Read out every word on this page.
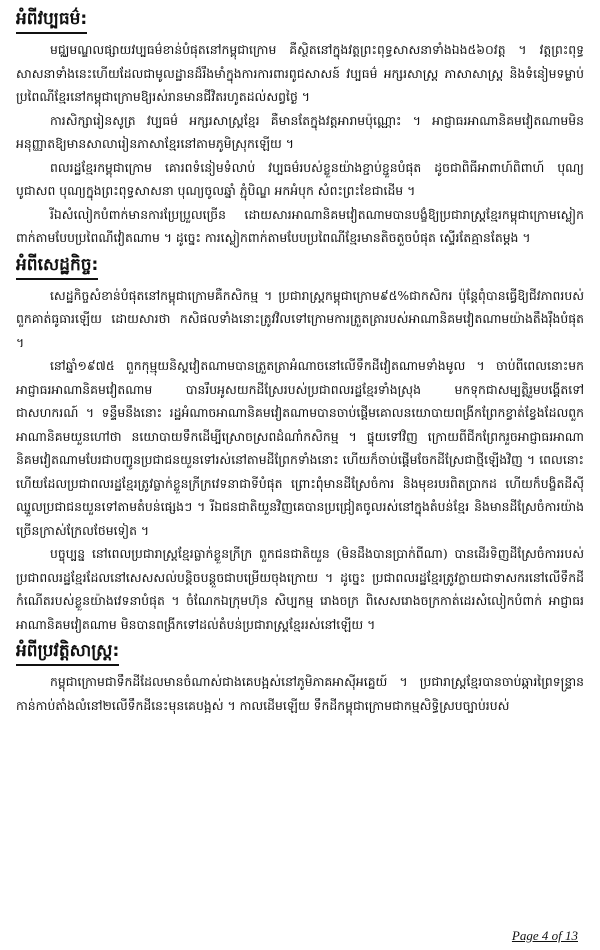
អំពីវប្បធម៌:

មជ្ឈមណ្ឌលផ្សាយវប្បធម៌ខាន់បំផុតនៅកម្ពុជាក្រោម គឺស្ថិតនៅក្នុងវត្តព្រះពុទ្ធសាសនាទាំងឯង៥៦០វត្ត ។ វត្តព្រះពុទ្ធសាសនាទាំងនេះហើយដែលជាមូលដ្ឋានដ៏រឹងមាំក្នុងការការពារពូជសាសន៍ វប្បធម៌ អក្សរសាស្ត្រ ភាសាសាស្ត្រ និងទំនៀមទម្លាប់ ប្រពៃណីខ្មែរនៅកម្ពុជាក្រោមឱ្យរស់រានមានជីវិតរហូតដល់សព្វថ្ងៃ ។

ការសិក្សារៀនសូត្រ វប្បធម៌ អក្សរសាស្ត្រខ្មែរ គឺមានតែក្នុងវត្តអារាមប៉ុណ្ណោះ ។ អាជ្ញាធរអាណានិគមវៀតណាមមិនអនុញ្ញាតឱ្យមានសាលារៀនភាសាខ្មែរនៅតាមភូមិស្រុកឡើយ ។

ពលរដ្ឋខ្មែរកម្ពុជាក្រោម គោរពទំនៀមទំលាប់ វប្បធម៌របស់ខ្លួនយ៉ាងខ្ជាប់ខ្ជួនបំផុត ដូចជាពិធីអាពាហ៍ពិពាហ៍ បុណ្យបូជាសព បុណ្យក្នុងព្រះពុទ្ធសាសនា បុណ្យចូលឆ្នាំ ភ្ជុំបិណ្ឌ អកអំបុក សំពះព្រះខែជាដើម ។

រីឯសំលៀកបំពាក់មានការប្រែប្រួលច្រើន ដោយសារអាណានិគមវៀតណាមបានបង្ខំឱ្យប្រជារាស្ត្រខ្មែរកម្ពុជាក្រោមស្លៀកពាក់តាមបែបប្រពៃណីវៀតណាម ។ ដូច្នេះ ការស្លៀកពាក់តាមបែបប្រពៃណីខ្មែរមានតិចតួចបំផុត ស្ទើរតែគ្មានតែម្តង ។

អំពីសេដ្ឋកិច្ច:

សេដ្ឋកិច្ចសំខាន់បំផុតនៅកម្ពុជាក្រោមគឺកសិកម្ម ។ ប្រជារាស្ត្រកម្ពុជាក្រោម៩៥%ជាកសិករ ប៉ុន្តែពុំបានធ្វើឱ្យជីវភាពរបស់ពួកគាត់ធូធារឡើយ ដោយសារថា កសិផលទាំងនោះត្រូវវិលទៅក្រោមការត្រួតត្រារបស់អាណានិគមវៀតណាមយ៉ាងតឹងរ៉ឹងបំផុត ។

នៅឆ្នាំ១៩៧៥ ពួកកុម្មុយនិស្តវៀតណាមបានត្រួតត្រាអំណាចនៅលើទឹកដីវៀតណាមទាំងមូល ។ ចាប់ពីពេលនោះមក អាជ្ញាធរអាណានិគមវៀតណាម បានរឹបអូសយកដីស្រែរបស់ប្រជាពលរដ្ឋខ្មែរទាំងស្រុង មកទុកជាសម្បត្តិរួមបង្គើតទៅជាសហករណ៍ ។ ទន្ទឹមនឹងនោះ រដ្ឋអំណាចអាណានិគមវៀតណាមបានចាប់ផ្តើមគោលនយោបាយពង្រីកព្រែកខ្វាត់ខ្វែងដែលពួកអាណានិគមយួនហៅថា នយោបាយទឹកដើម្បីស្រោចស្រពដំណាំកសិកម្ម ។ ផ្ទុយទៅវិញ ក្រោយពីជីកព្រែករួចអាជ្ញាធរអាណានិគមវៀតណាមបែរជាបញ្ជូនប្រជាជនយួនទៅរស់នៅតាមដីព្រែកទាំងនោះ ហើយក៏ចាប់ផ្តើមចែកដីស្រែជាថ្មីឡើងវិញ ។ ពេលនោះហើយដែលប្រជាពលរដ្ឋខ្មែរត្រូវធ្លាក់ខ្លួនក្រីក្រវេទនាជាទីបំផុត ព្រោះពុំមានដីស្រែចំការ និងមុខរបរពិតប្រាកដ ហើយក៏បង្ខិតដីស៊ីឈ្នួលប្រជាជនយួនទៅតាមតំបន់ផ្សេងៗ ។ រីឯជនជាតិយួនវិញគេបានប្រជ្រៀតចូលរស់នៅក្នុងតំបន់ខ្មែរ និងមានដីស្រែចំការយ៉ាងច្រើនក្រាស់ក្រែលថែមទៀត ។

បច្ចុប្បន្ន នៅពេលប្រជារាស្ត្រខ្មែរធ្លាក់ខ្លួនក្រីក្រ ពួកជនជាតិយួន (មិនដឹងបានប្រាក់ពីណា) បានដើរទិញដីស្រែចំការរបស់ប្រជាពលរដ្ឋខ្មែរដែលនៅសេសសល់បន្តិចបន្តួចជាបម្រើយចុងក្រោយ ។ ដូច្នេះ ប្រជាពលរដ្ឋខ្មែរត្រូវក្លាយជាទាសករនៅលើទឹកដីកំណើតរបស់ខ្លួនយ៉ាងវេទនាបំផុត ។ ចំណែកឯក្រុមហ៊ុន សិប្បកម្ម រោងចក្រ ពិសេសរោងចក្រកាត់ដេរសំលៀកបំពាក់ អាជ្ញាធរអាណានិគមវៀតណាម មិនបានពង្រីកទៅដល់តំបន់ប្រជារាស្ត្រខ្មែររស់នៅឡើយ ។

អំពីប្រវត្តិសាស្ត្រ:

កម្ពុជាក្រោមជាទឹកដីដែលមានចំណាស់ជាងគេបង្អស់នៅភូមិភាគអាស៊ីអគ្នេយ៍ ។ ប្រជារាស្ត្រខ្មែរបានចាប់ឆ្ការព្រៃទន្រ្ទានកាន់កាប់តាំងលំនៅ២លើទឹកដីនេះមុនគេបង្អស់ ។ កាលដើមឡើយ ទឹកដីកម្ពុជាក្រោមជាកម្មសិទ្ធិស្របច្បាប់របស់

Page 4 of 13
